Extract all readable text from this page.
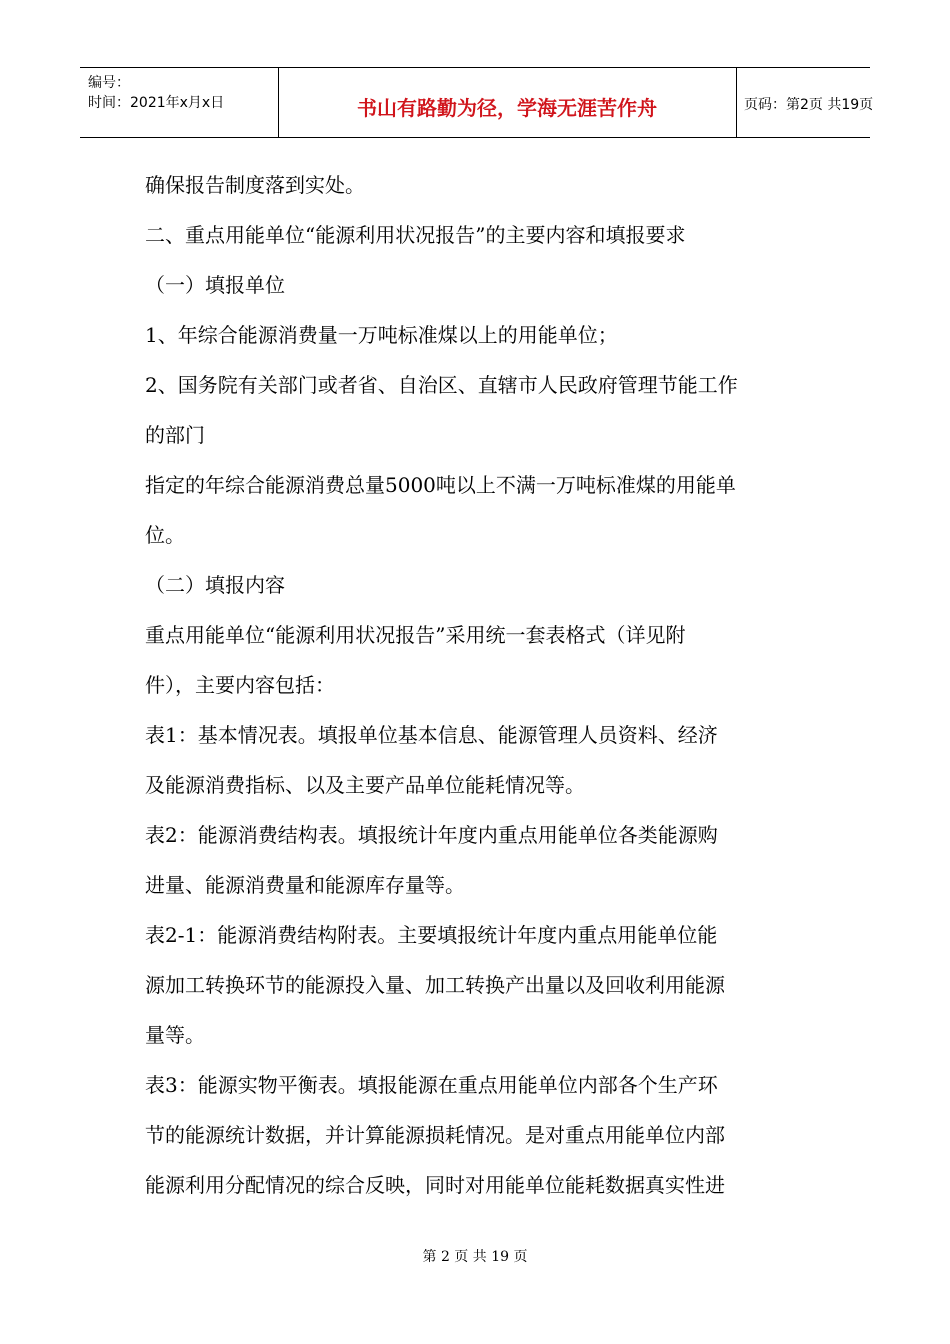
编号：
时间：2021年x月x日	书山有路勤为径，学海无涯苦作舟	页码：第2页 共19页
确保报告制度落到实处。
二、重点用能单位“能源利用状况报告”的主要内容和填报要求
（一）填报单位
1、年综合能源消费量一万吨标准煤以上的用能单位；
2、国务院有关部门或者省、自治区、直辖市人民政府管理节能工作
的部门
指定的年综合能源消费总量5000吨以上不满一万吨标准煤的用能单
位。
（二）填报内容
重点用能单位“能源利用状况报告”采用统一套表格式（详见附
件），主要内容包括：
表1：基本情况表。填报单位基本信息、能源管理人员资料、经济
及能源消费指标、以及主要产品单位能耗情况等。
表2：能源消费结构表。填报统计年度内重点用能单位各类能源购
进量、能源消费量和能源库存量等。
表2-1：能源消费结构附表。主要填报统计年度内重点用能单位能
源加工转换环节的能源投入量、加工转换产出量以及回收利用能源
量等。
表3：能源实物平衡表。填报能源在重点用能单位内部各个生产环
节的能源统计数据，并计算能源损耗情况。是对重点用能单位内部
能源利用分配情况的综合反映，同时对用能单位能耗数据真实性进
第 2 页 共 19 页
